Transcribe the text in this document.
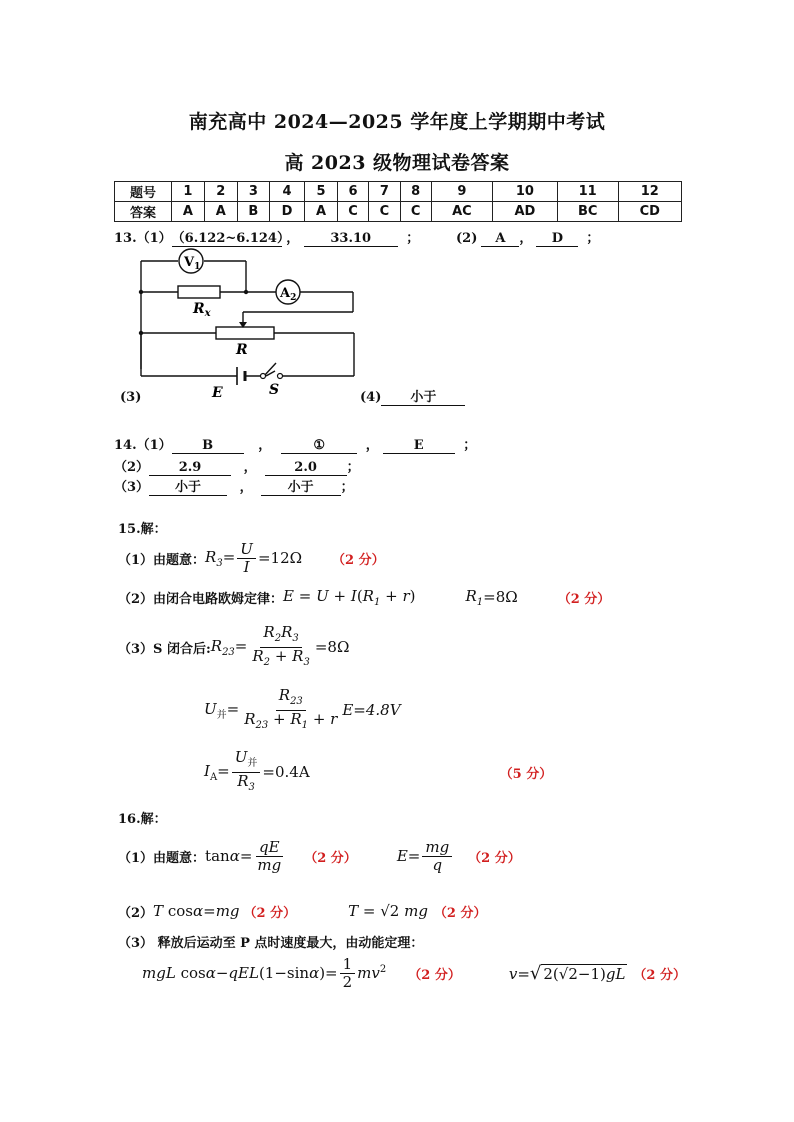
南充高中 2024—2025 学年度上学期期中考试
高 2023 级物理试卷答案
题号	1	2	3	4	5	6	7	8	9	10	11	12
答案	A	A	B	D	A	C	C	C	AC	AD	BC	CD
13.（1）（6.122~6.124） ， 33.10	；	(2) A ， D ；
$V_1$
$A_2$
$R_x$
R
E	S
(3)	(4) 小于
14.（1） B	，	①	，	E	；
（2） 2.9	，	2.0 ；
（3） 小于	，	小于 ；
15.解：
（1）由题意： $R_3= \frac{U}{I} =12\Omega$ （2 分）
（2）由闭合电路欧姆定律： $E = U + I(R_1 + r)$	$R_1 =8\Omega$	（2 分）
（3）S 闭合后: $R_{23}= \frac{R_2R_3}{R_2 + R_3} =8\Omega$
$U_并= \frac{R_{23}}{R_{23} + R_1 + r} E=4.8V$
$I_A= \frac{U_并}{R_3} =0.4A$	（5 分）
16.解：
（1）由题意： $\tan\alpha= \frac{qE}{mg} (2$ 分）	$E= \frac{mg}{q} (2$ 分）
（2） T cosα=mg （2 分）	T = √2 mg （2 分）
（3） 释放后运动至 P 点时速度最大，由动能定理：
mgL $\cos\alpha-qEL(1-\sin\alpha)= \frac{1}{2} mv^2$ （2 分）	v=√ 2(√2−1)gL （2 分）
